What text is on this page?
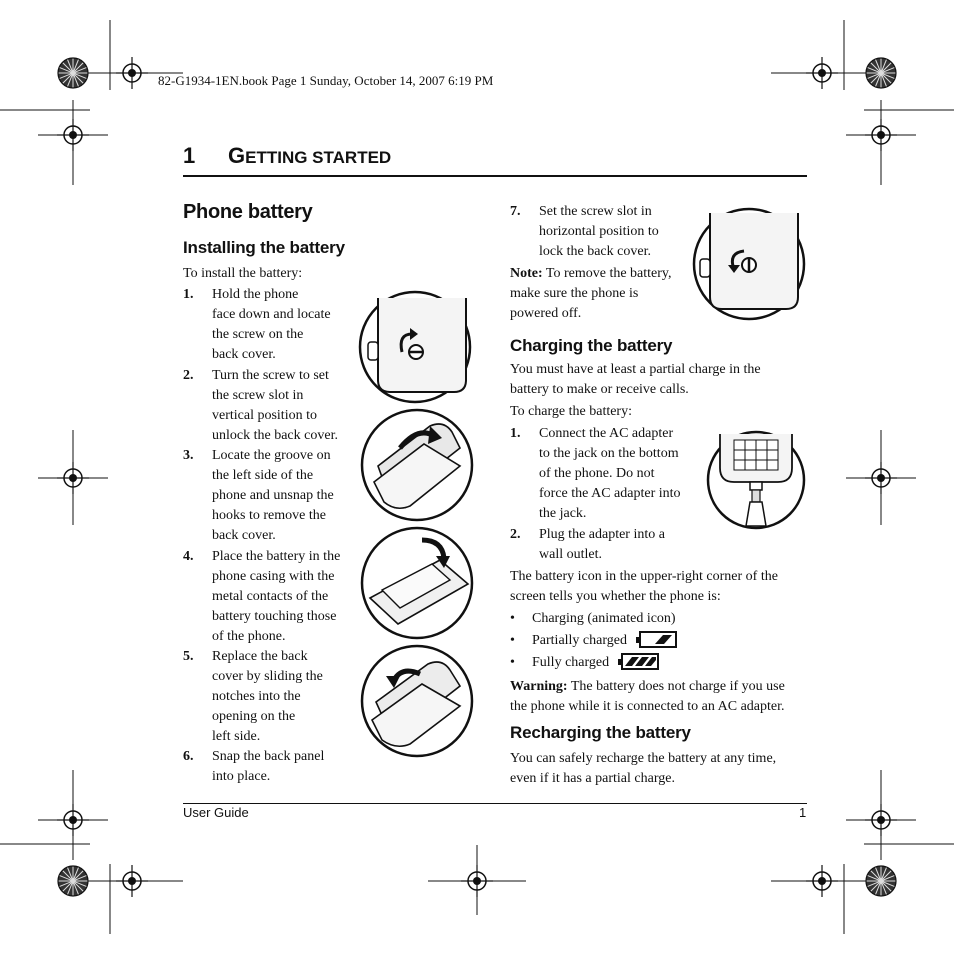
82-G1934-1EN.book Page 1 Sunday, October 14, 2007 6:19 PM
1 GETTING STARTED
Phone battery
Installing the battery
To install the battery:
1. Hold the phone
face down and locate
the screw on the
back cover.
2. Turn the screw to set
the screw slot in
vertical position to
unlock the back cover.
3. Locate the groove on
the left side of the
phone and unsnap the
hooks to remove the
back cover.
4. Place the battery in the
phone casing with the
metal contacts of the
battery touching those
of the phone.
5. Replace the back
cover by sliding the
notches into the
opening on the
left side.
6. Snap the back panel
into place.
7. Set the screw slot in
horizontal position to
lock the back cover.
Note: To remove the battery,
make sure the phone is
powered off.
Charging the battery
You must have at least a partial charge in the
battery to make or receive calls.
To charge the battery:
1. Connect the AC adapter
to the jack on the bottom
of the phone. Do not
force the AC adapter into
the jack.
2. Plug the adapter into a
wall outlet.
The battery icon in the upper-right corner of the
screen tells you whether the phone is:
• Charging (animated icon)
• Partially charged
• Fully charged
Warning: The battery does not charge if you use
the phone while it is connected to an AC adapter.
Recharging the battery
You can safely recharge the battery at any time,
even if it has a partial charge.
User Guide	1
